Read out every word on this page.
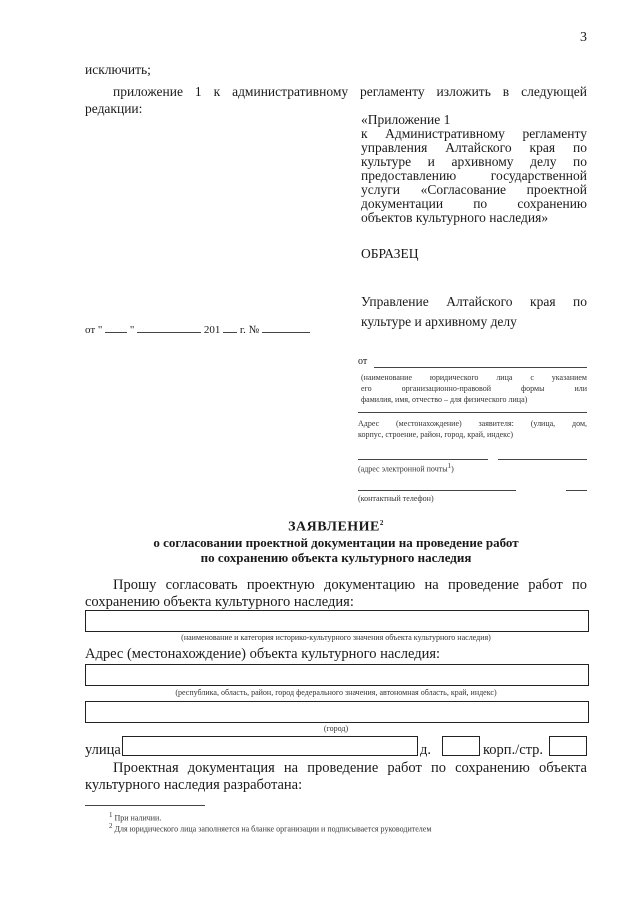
3
исключить;
приложение 1 к административному регламенту изложить в следующей
редакции:
«Приложение 1
к Административному регламенту
управления Алтайского края по
культуре и архивному делу по
предоставлению государственной
услуги «Согласование проектной
документации по сохранению
объектов культурного наследия»
ОБРАЗЕЦ
Управление Алтайского края по
культуре и архивному делу
от "	"	201 г. №
от
(наименование юридического лица с указанием
его организационно-правовой формы или
фамилия, имя, отчество – для физического лица)
Адрес (местонахождение) заявителя: (улица, дом,
корпус, строение, район, город, край, индекс)
(адрес электронной почты$^1$)
(контактный телефон)
ЗАЯВЛЕНИЕ$^2$
о согласовании проектной документации на проведение работ
по сохранению объекта культурного наследия
Прошу согласовать проектную документацию на проведение работ по
сохранению объекта культурного наследия:
(наименование и категория историко-культурного значения объекта культурного наследия)
Адрес (местонахождение) объекта культурного наследия:
(республика, область, район, город федерального значения, автономная область, край, индекс)
(город)
улица	д.	корп./стр.
Проектная документация на проведение работ по сохранению объекта
культурного наследия разработана:
$^1$ При наличии.
$^2$ Для юридического лица заполняется на бланке организации и подписывается руководителем
